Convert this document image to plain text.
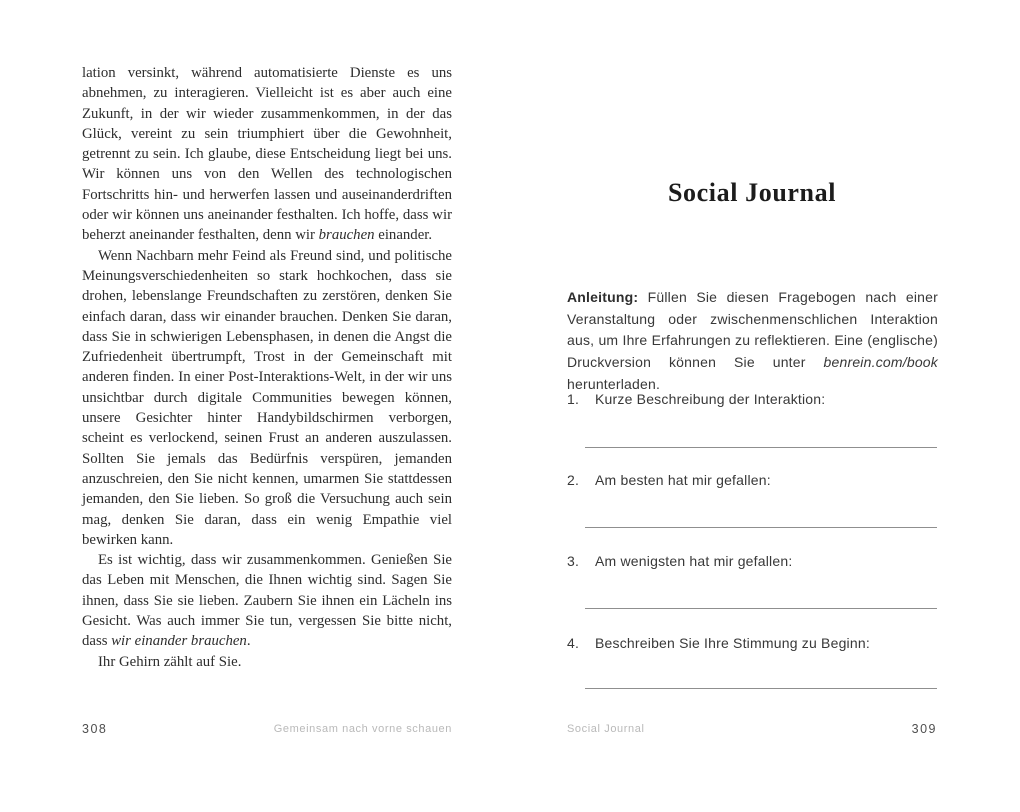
lation versinkt, während automatisierte Dienste es uns abnehmen, zu interagieren. Vielleicht ist es aber auch eine Zukunft, in der wir wieder zusammenkommen, in der das Glück, vereint zu sein triumphiert über die Gewohnheit, getrennt zu sein. Ich glaube, diese Entscheidung liegt bei uns. Wir können uns von den Wellen des technologischen Fortschritts hin- und herwerfen lassen und auseinanderdriften oder wir können uns aneinander festhalten. Ich hoffe, dass wir beherzt aneinander festhalten, denn wir brauchen einander.

Wenn Nachbarn mehr Feind als Freund sind, und politische Meinungsverschiedenheiten so stark hochkochen, dass sie drohen, lebenslange Freundschaften zu zerstören, denken Sie einfach daran, dass wir einander brauchen. Denken Sie daran, dass Sie in schwierigen Lebensphasen, in denen die Angst die Zufriedenheit übertrumpft, Trost in der Gemeinschaft mit anderen finden. In einer Post-Interaktions-Welt, in der wir uns unsichtbar durch digitale Communities bewegen können, unsere Gesichter hinter Handybildschirmen verborgen, scheint es verlockend, seinen Frust an anderen auszulassen. Sollten Sie jemals das Bedürfnis verspüren, jemanden anzuschreien, den Sie nicht kennen, umarmen Sie stattdessen jemanden, den Sie lieben. So groß die Versuchung auch sein mag, denken Sie daran, dass ein wenig Empathie viel bewirken kann.

Es ist wichtig, dass wir zusammenkommen. Genießen Sie das Leben mit Menschen, die Ihnen wichtig sind. Sagen Sie ihnen, dass Sie sie lieben. Zaubern Sie ihnen ein Lächeln ins Gesicht. Was auch immer Sie tun, vergessen Sie bitte nicht, dass wir einander brauchen.

Ihr Gehirn zählt auf Sie.

308	Gemeinsam nach vorne schauen
Social Journal

Anleitung: Füllen Sie diesen Fragebogen nach einer Veranstaltung oder zwischenmenschlichen Interaktion aus, um Ihre Erfahrungen zu reflektieren. Eine (englische) Druckversion können Sie unter benrein.com/book herunterladen.

1.	Kurze Beschreibung der Interaktion:
2.	Am besten hat mir gefallen:
3.	Am wenigsten hat mir gefallen:
4.	Beschreiben Sie Ihre Stimmung zu Beginn:
Social Journal	309
